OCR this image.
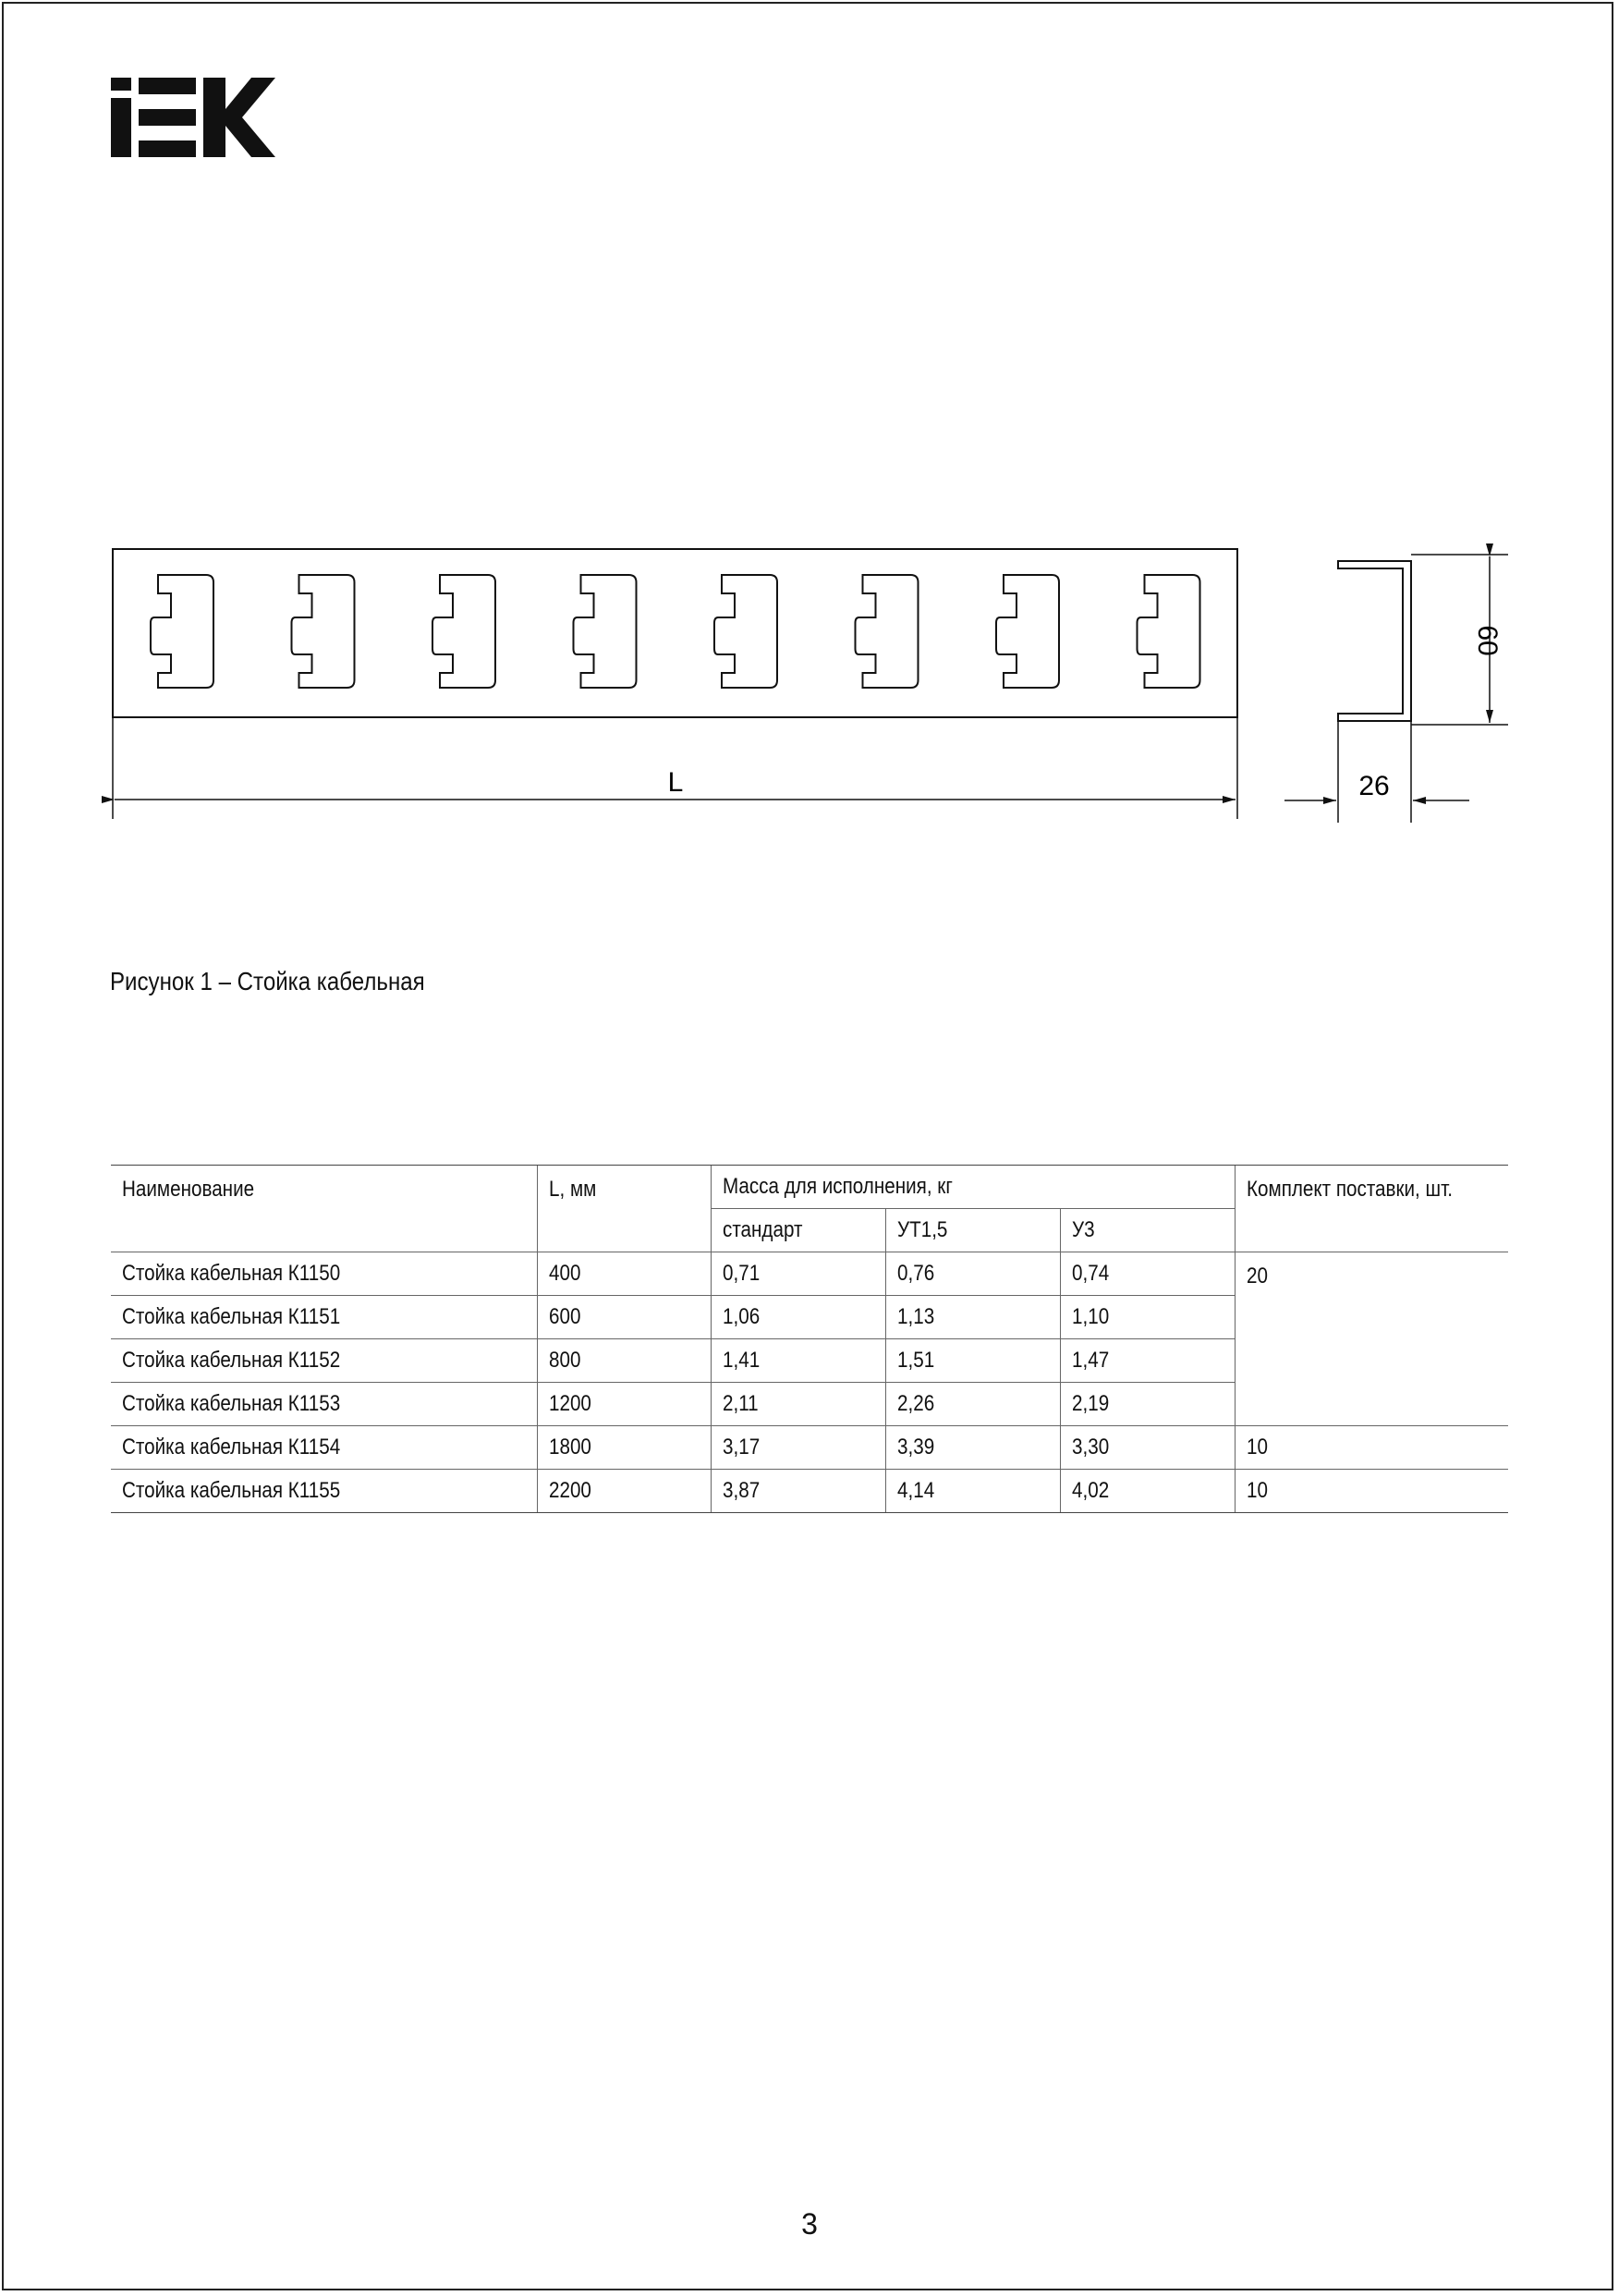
L
60
26
Рисунок 1 – Стойка кабельная
Наименование	L, мм	Масса для исполнения, кг			Комплект поставки, шт.
		стандарт	УТ1,5	У3	
Стойка кабельная К1150	400	0,71	0,76	0,74	20
Стойка кабельная К1151	600	1,06	1,13	1,10	
Стойка кабельная К1152	800	1,41	1,51	1,47	
Стойка кабельная К1153	1200	2,11	2,26	2,19	
Стойка кабельная К1154	1800	3,17	3,39	3,30	10
Стойка кабельная К1155	2200	3,87	4,14	4,02	10
3
